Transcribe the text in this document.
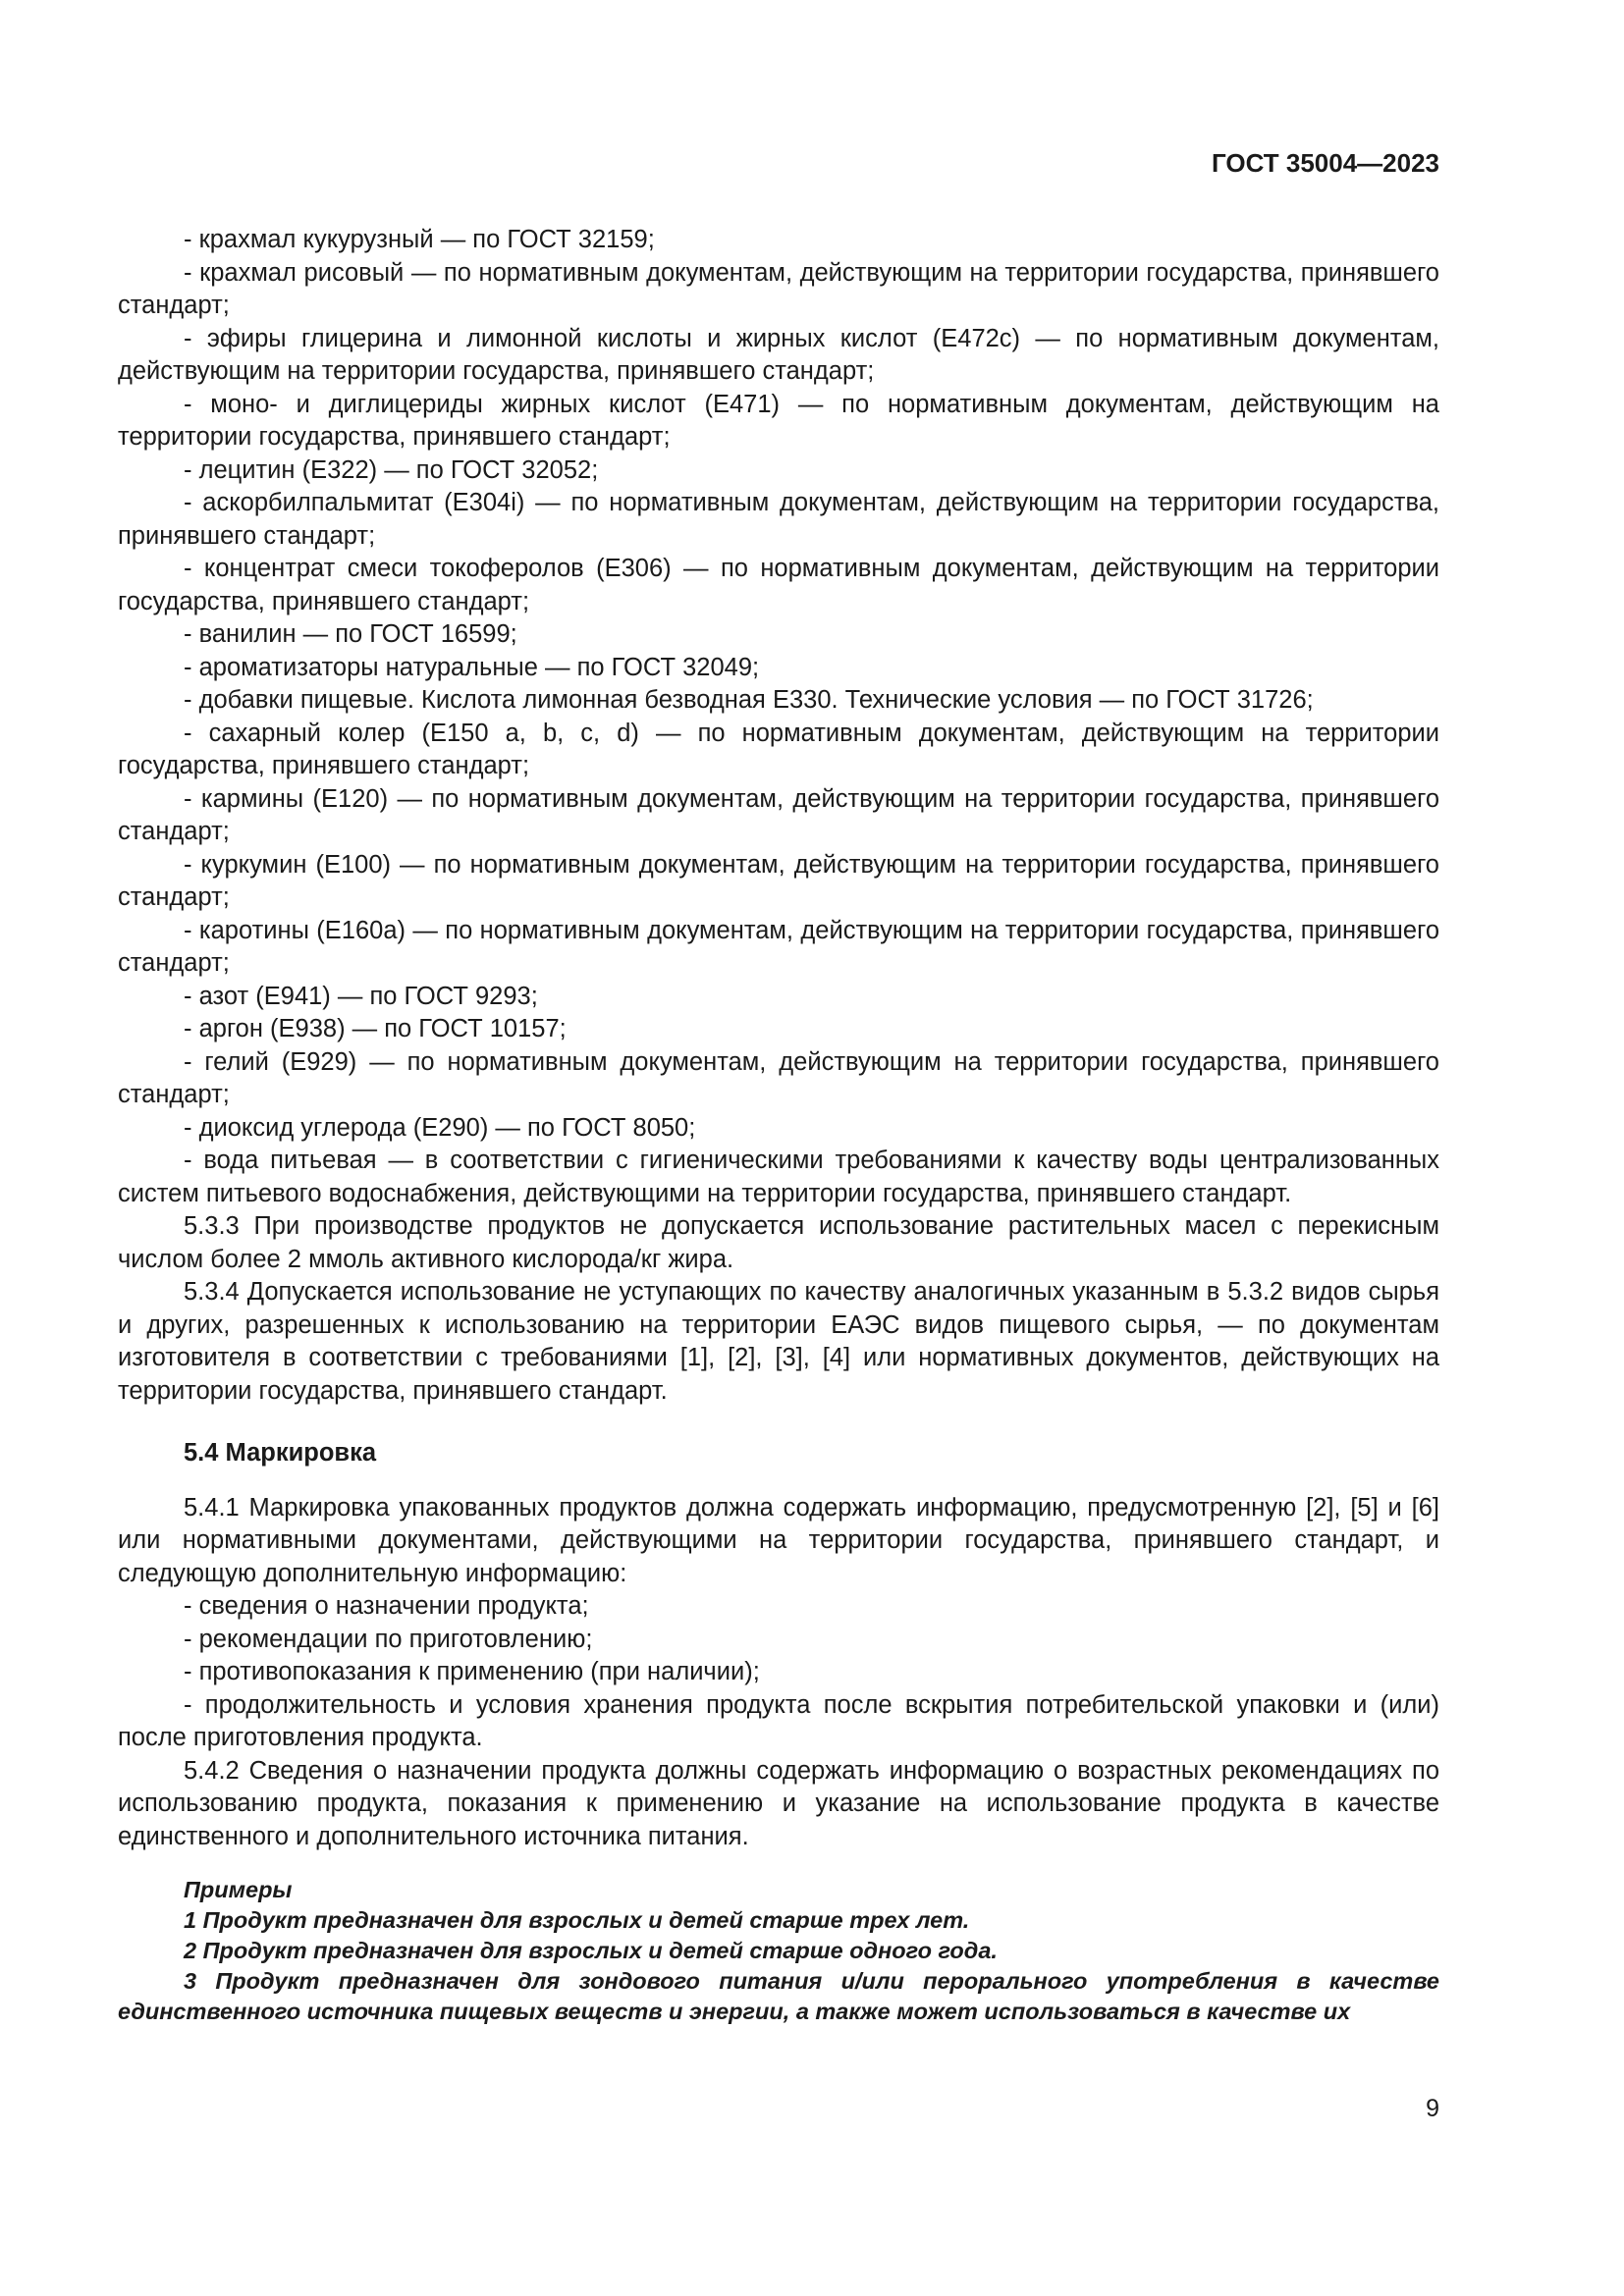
ГОСТ 35004—2023

- крахмал кукурузный — по ГОСТ 32159;

- крахмал рисовый — по нормативным документам, действующим на территории государства, принявшего стандарт;

- эфиры глицерина и лимонной кислоты и жирных кислот (Е472с) — по нормативным документам, действующим на территории государства, принявшего стандарт;

- моно- и диглицериды жирных кислот (Е471) — по нормативным документам, действующим на территории государства, принявшего стандарт;

- лецитин (Е322) — по ГОСТ 32052;

- аскорбилпальмитат (Е304i) — по нормативным документам, действующим на территории государства, принявшего стандарт;

- концентрат смеси токоферолов (Е306) — по нормативным документам, действующим на территории государства, принявшего стандарт;

- ванилин — по ГОСТ 16599;

- ароматизаторы натуральные — по ГОСТ 32049;

- добавки пищевые. Кислота лимонная безводная Е330. Технические условия — по ГОСТ 31726;

- сахарный колер (Е150 a, b, c, d) — по нормативным документам, действующим на территории государства, принявшего стандарт;

- кармины (Е120) — по нормативным документам, действующим на территории государства, принявшего стандарт;

- куркумин (Е100) — по нормативным документам, действующим на территории государства, принявшего стандарт;

- каротины (Е160а) — по нормативным документам, действующим на территории государства, принявшего стандарт;

- азот (Е941) — по ГОСТ 9293;

- аргон (Е938) — по ГОСТ 10157;

- гелий (Е929) — по нормативным документам, действующим на территории государства, принявшего стандарт;

- диоксид углерода (Е290) — по ГОСТ 8050;

- вода питьевая — в соответствии с гигиеническими требованиями к качеству воды централизованных систем питьевого водоснабжения, действующими на территории государства, принявшего стандарт.

5.3.3 При производстве продуктов не допускается использование растительных масел с перекисным числом более 2 ммоль активного кислорода/кг жира.

5.3.4 Допускается использование не уступающих по качеству аналогичных указанным в 5.3.2 видов сырья и других, разрешенных к использованию на территории ЕАЭС видов пищевого сырья, — по документам изготовителя в соответствии с требованиями [1], [2], [3], [4] или нормативных документов, действующих на территории государства, принявшего стандарт.

5.4 Маркировка

5.4.1 Маркировка упакованных продуктов должна содержать информацию, предусмотренную [2], [5] и [6] или нормативными документами, действующими на территории государства, принявшего стандарт, и следующую дополнительную информацию:

- сведения о назначении продукта;

- рекомендации по приготовлению;

- противопоказания к применению (при наличии);

- продолжительность и условия хранения продукта после вскрытия потребительской упаковки и (или) после приготовления продукта.

5.4.2 Сведения о назначении продукта должны содержать информацию о возрастных рекомендациях по использованию продукта, показания к применению и указание на использование продукта в качестве единственного и дополнительного источника питания.

Примеры

1 Продукт предназначен для взрослых и детей старше трех лет.

2 Продукт предназначен для взрослых и детей старше одного года.

3 Продукт предназначен для зондового питания и/или перорального употребления в качестве единственного источника пищевых веществ и энергии, а также может использоваться в качестве их

9
